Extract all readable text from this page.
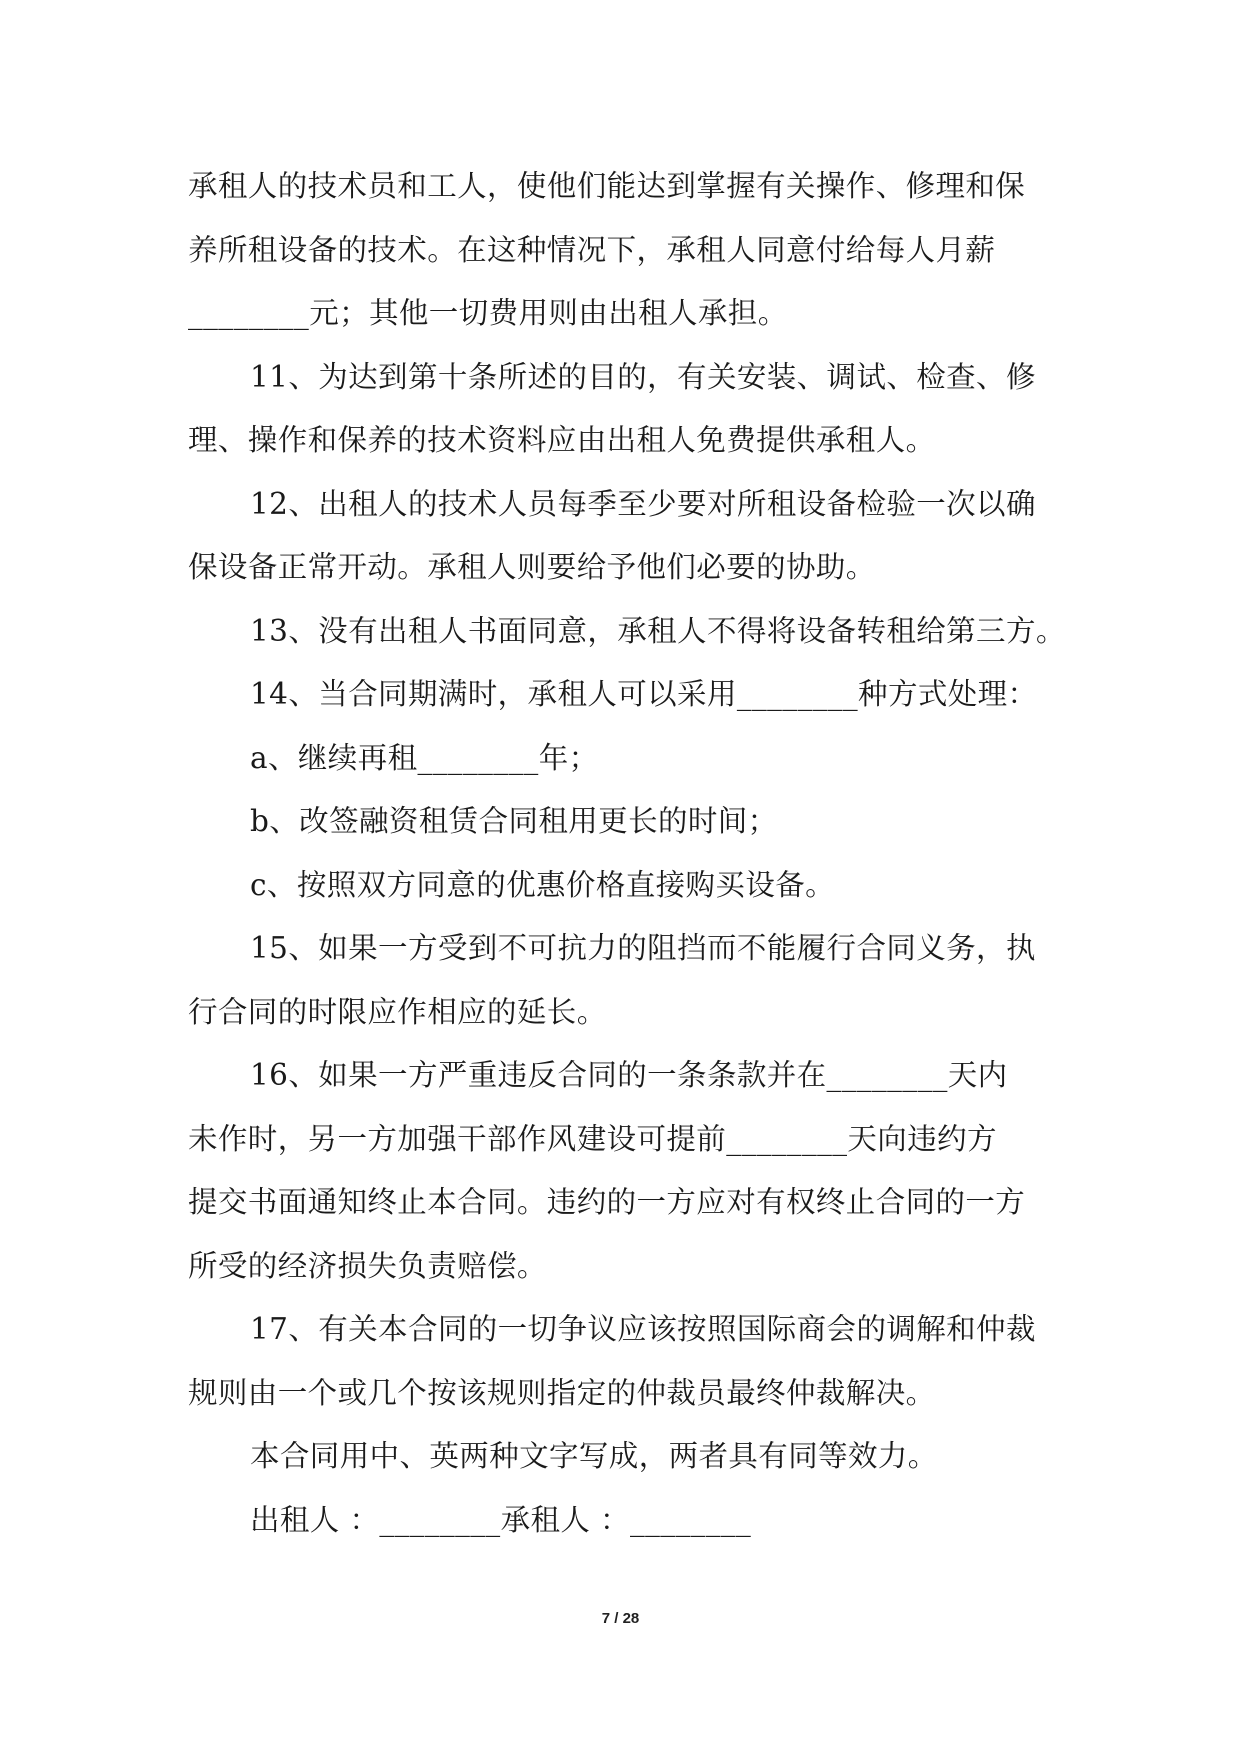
承租人的技术员和工人，使他们能达到掌握有关操作、修理和保

养所租设备的技术。在这种情况下，承租人同意付给每人月薪

________元；其他一切费用则由出租人承担。

11、为达到第十条所述的目的，有关安装、调试、检查、修

理、操作和保养的技术资料应由出租人免费提供承租人。

12、出租人的技术人员每季至少要对所租设备检验一次以确

保设备正常开动。承租人则要给予他们必要的协助。

13、没有出租人书面同意，承租人不得将设备转租给第三方。

14、当合同期满时，承租人可以采用________种方式处理：

a、继续再租________年；

b、改签融资租赁合同租用更长的时间；

c、按照双方同意的优惠价格直接购买设备。

15、如果一方受到不可抗力的阻挡而不能履行合同义务，执

行合同的时限应作相应的延长。

16、如果一方严重违反合同的一条条款并在________天内

未作时，另一方加强干部作风建设可提前________天向违约方

提交书面通知终止本合同。违约的一方应对有权终止合同的一方

所受的经济损失负责赔偿。

17、有关本合同的一切争议应该按照国际商会的调解和仲裁

规则由一个或几个按该规则指定的仲裁员最终仲裁解决。

本合同用中、英两种文字写成，两者具有同等效力。

出租人 ：________承租人 ：________

7 / 28
